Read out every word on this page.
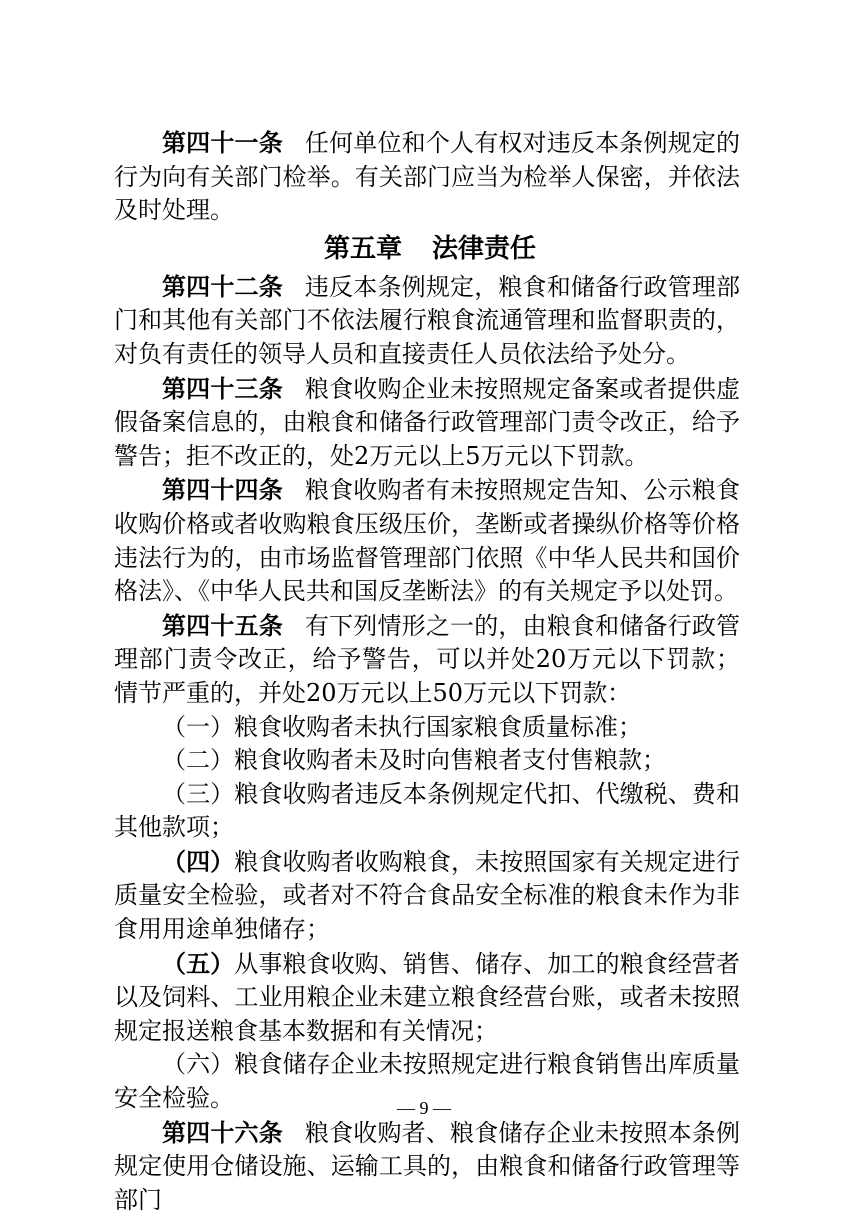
第四十一条 任何单位和个人有权对违反本条例规定的行为向有关部门检举。有关部门应当为检举人保密，并依法及时处理。

第五章 法律责任

第四十二条 违反本条例规定，粮食和储备行政管理部门和其他有关部门不依法履行粮食流通管理和监督职责的，对负有责任的领导人员和直接责任人员依法给予处分。

第四十三条 粮食收购企业未按照规定备案或者提供虚假备案信息的，由粮食和储备行政管理部门责令改正，给予警告；拒不改正的，处2万元以上5万元以下罚款。

第四十四条 粮食收购者有未按照规定告知、公示粮食收购价格或者收购粮食压级压价，垄断或者操纵价格等价格违法行为的，由市场监督管理部门依照《中华人民共和国价格法》、《中华人民共和国反垄断法》的有关规定予以处罚。

第四十五条 有下列情形之一的，由粮食和储备行政管理部门责令改正，给予警告，可以并处20万元以下罚款；情节严重的，并处20万元以上50万元以下罚款：

（一）粮食收购者未执行国家粮食质量标准；

（二）粮食收购者未及时向售粮者支付售粮款；

（三）粮食收购者违反本条例规定代扣、代缴税、费和其他款项；

（四）粮食收购者收购粮食，未按照国家有关规定进行质量安全检验，或者对不符合食品安全标准的粮食未作为非食用用途单独储存；

（五）从事粮食收购、销售、储存、加工的粮食经营者以及饲料、工业用粮企业未建立粮食经营台账，或者未按照规定报送粮食基本数据和有关情况；

（六）粮食储存企业未按照规定进行粮食销售出库质量安全检验。

第四十六条 粮食收购者、粮食储存企业未按照本条例规定使用仓储设施、运输工具的，由粮食和储备行政管理等部门

— 9 —
